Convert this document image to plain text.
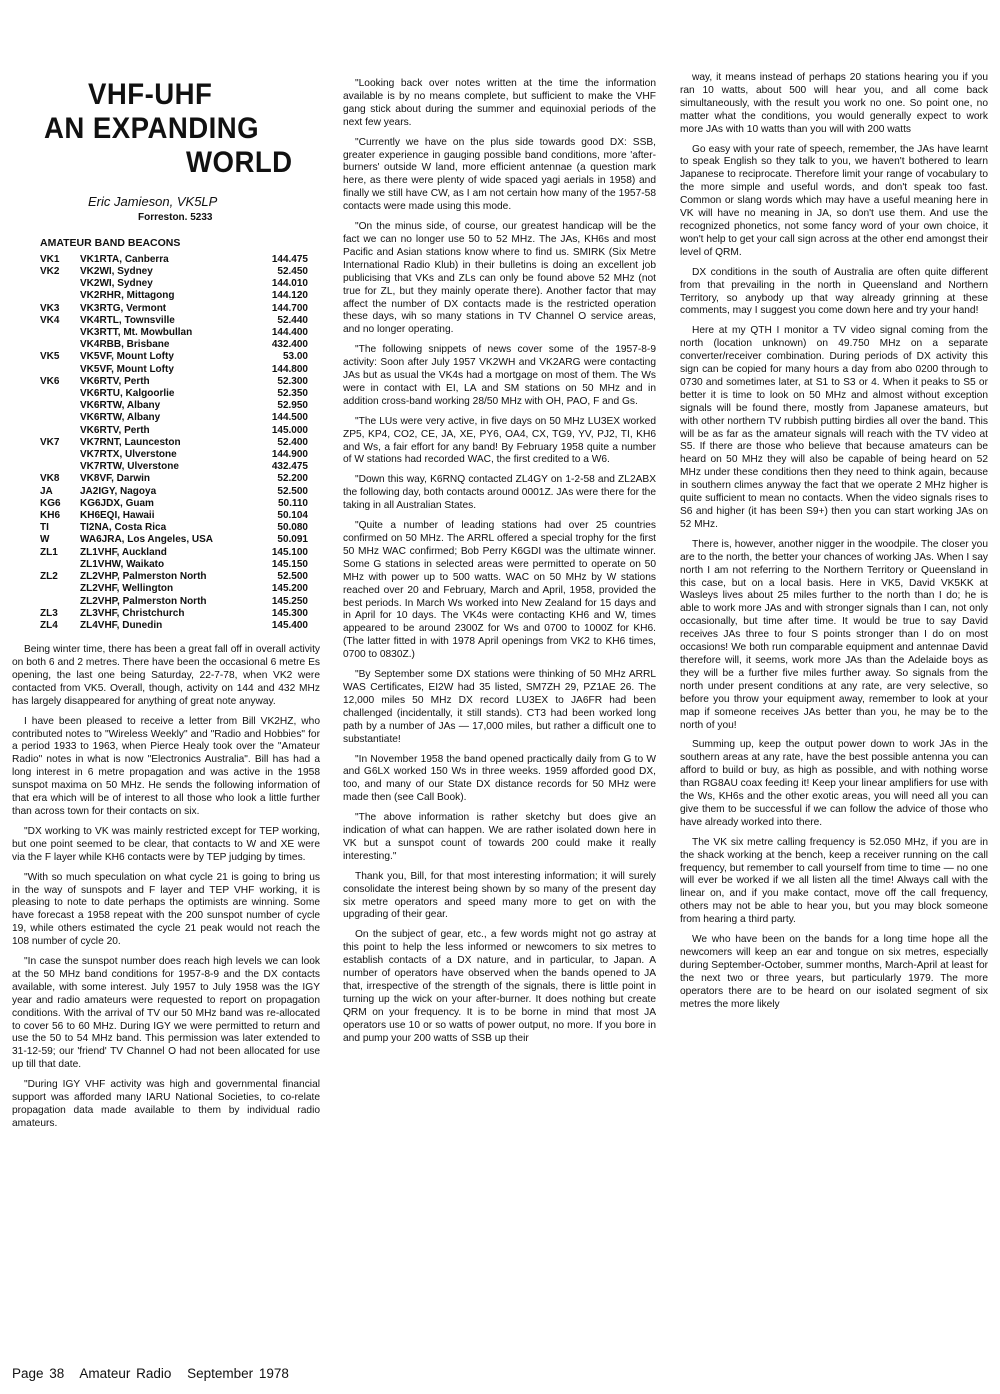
VHF-UHF
AN EXPANDING
WORLD
Eric Jamieson, VK5LP
Forreston. 5233
AMATEUR BAND BEACONS
VK1	VK1RTA, Canberra	144.475
VK2	VK2WI, Sydney	52.450
VK2WI, Sydney	144.010
VK2RHR, Mittagong	144.120
VK3	VK3RTG, Vermont	144.700
VK4	VK4RTL, Townsville	52.440
VK3RTT, Mt. Mowbullan	144.400
VK4RBB, Brisbane	432.400
VK5	VK5VF, Mount Lofty	53.00
VK5VF, Mount Lofty	144.800
VK6	VK6RTV, Perth	52.300
VK6RTU, Kalgoorlie	52.350
VK6RTW, Albany	52.950
VK6RTW, Albany	144.500
VK6RTV, Perth	145.000
VK7	VK7RNT, Launceston	52.400
VK7RTX, Ulverstone	144.900
VK7RTW, Ulverstone	432.475
VK8	VK8VF, Darwin	52.200
JA	JA2IGY, Nagoya	52.500
KG6	KG6JDX, Guam	50.110
KH6	KH6EQI, Hawaii	50.104
TI	TI2NA, Costa Rica	50.080
W	WA6JRA, Los Angeles, USA	50.091
ZL1	ZL1VHF, Auckland	145.100
ZL1VHW, Waikato	145.150
ZL2	ZL2VHP, Palmerston North	52.500
ZL2VHF, Wellington	145.200
ZL2VHP, Palmerston North	145.250
ZL3	ZL3VHF, Christchurch	145.300
ZL4	ZL4VHF, Dunedin	145.400

Being winter time, there has been a great fall off in overall activity on both 6 and 2 metres. There have been the occasional 6 metre Es opening, the last one being Saturday, 22-7-78, when VK2 were contacted from VK5. Overall, though, activity on 144 and 432 MHz has largely disappeared for anything of great note anyway.

I have been pleased to receive a letter from Bill VK2HZ, who contributed notes to "Wireless Weekly" and "Radio and Hobbies" for a period 1933 to 1963, when Pierce Healy took over the "Amateur Radio" notes in what is now "Electronics Australia". Bill has had a long interest in 6 metre propagation and was active in the 1958 sunspot maxima on 50 MHz. He sends the following information of that era which will be of interest to all those who look a little further than across town for their contacts on six.

"DX working to VK was mainly restricted except for TEP working, but one point seemed to be clear, that contacts to W and XE were via the F layer while KH6 contacts were by TEP judging by times.

"With so much speculation on what cycle 21 is going to bring us in the way of sunspots and F layer and TEP VHF working, it is pleasing to note to date perhaps the optimists are winning. Some have forecast a 1958 repeat with the 200 sunspot number of cycle 19, while others estimated the cycle 21 peak would not reach the 108 number of cycle 20.

"In case the sunspot number does reach high levels we can look at the 50 MHz band conditions for 1957-8-9 and the DX contacts available, with some interest. July 1957 to July 1958 was the IGY year and radio amateurs were requested to report on propagation conditions. With the arrival of TV our 50 MHz band was re-allocated to cover 56 to 60 MHz. During IGY we were permitted to return and use the 50 to 54 MHz band. This permission was later extended to 31-12-59; our 'friend' TV Channel O had not been allocated for use up till that date.

"During IGY VHF activity was high and governmental financial support was afforded many IARU National Societies, to co-relate propagation data made available to them by individual radio amateurs.

"Looking back over notes written at the time the information available is by no means complete, but sufficient to make the VHF gang stick about during the summer and equinoxial periods of the next few years.

"Currently we have on the plus side towards good DX: SSB, greater experience in gauging possible band conditions, more 'after-burners' outside W land, more efficient antennae (a question mark here, as there were plenty of wide spaced yagi aerials in 1958) and finally we still have CW, as I am not certain how many of the 1957-58 contacts were made using this mode.

"On the minus side, of course, our greatest handicap will be the fact we can no longer use 50 to 52 MHz. The JAs, KH6s and most Pacific and Asian stations know where to find us. SMIRK (Six Metre International Radio Klub) in their bulletins is doing an excellent job publicising that VKs and ZLs can only be found above 52 MHz (not true for ZL, but they mainly operate there). Another factor that may affect the number of DX contacts made is the restricted operation these days, wih so many stations in TV Channel O service areas, and no longer operating.

"The following snippets of news cover some of the 1957-8-9 activity: Soon after July 1957 VK2WH and VK2ARG were contacting JAs but as usual the VK4s had a mortgage on most of them. The Ws were in contact with EI, LA and SM stations on 50 MHz and in addition cross-band working 28/50 MHz with OH, PAO, F and Gs.

"The LUs were very active, in five days on 50 MHz LU3EX worked ZP5, KP4, CO2, CE, JA, XE, PY6, OA4, CX, TG9, YV, PJ2, TI, KH6 and Ws, a fair effort for any band! By February 1958 quite a number of W stations had recorded WAC, the first credited to a W6.

"Down this way, K6RNQ contacted ZL4GY on 1-2-58 and ZL2ABX the following day, both contacts around 0001Z. JAs were there for the taking in all Australian States.

"Quite a number of leading stations had over 25 countries confirmed on 50 MHz. The ARRL offered a special trophy for the first 50 MHz WAC confirmed; Bob Perry K6GDI was the ultimate winner. Some G stations in selected areas were permitted to operate on 50 MHz with power up to 500 watts. WAC on 50 MHz by W stations reached over 20 and February, March and April, 1958, provided the best periods. In March Ws worked into New Zealand for 15 days and in April for 10 days. The VK4s were contacting KH6 and W, times appeared to be around 2300Z for Ws and 0700 to 1000Z for KH6. (The latter fitted in with 1978 April openings from VK2 to KH6 times, 0700 to 0830Z.)

"By September some DX stations were thinking of 50 MHz ARRL WAS Certificates, EI2W had 35 listed, SM7ZH 29, PZ1AE 26. The 12,000 miles 50 MHz DX record LU3EX to JA6FR had been challenged (incidentally, it still stands). CT3 had been worked long path by a number of JAs — 17,000 miles, but rather a difficult one to substantiate!

"In November 1958 the band opened practically daily from G to W and G6LX worked 150 Ws in three weeks. 1959 afforded good DX, too, and many of our State DX distance records for 50 MHz were made then (see Call Book).

"The above information is rather sketchy but does give an indication of what can happen. We are rather isolated down here in VK but a sunspot count of towards 200 could make it really interesting."

Thank you, Bill, for that most interesting information; it will surely consolidate the interest being shown by so many of the present day six metre operators and speed many more to get on with the upgrading of their gear.

On the subject of gear, etc., a few words might not go astray at this point to help the less informed or newcomers to six metres to establish contacts of a DX nature, and in particular, to Japan. A number of operators have observed when the bands opened to JA that, irrespective of the strength of the signals, there is little point in turning up the wick on your after-burner. It does nothing but create QRM on your frequency. It is to be borne in mind that most JA operators use 10 or so watts of power output, no more. If you bore in and pump your 200 watts of SSB up their

way, it means instead of perhaps 20 stations hearing you if you ran 10 watts, about 500 will hear you, and all come back simultaneously, with the result you work no one. So point one, no matter what the conditions, you would generally expect to work more JAs with 10 watts than you will with 200 watts

Go easy with your rate of speech, remember, the JAs have learnt to speak English so they talk to you, we haven't bothered to learn Japanese to reciprocate. Therefore limit your range of vocabulary to the more simple and useful words, and don't speak too fast. Common or slang words which may have a useful meaning here in VK will have no meaning in JA, so don't use them. And use the recognized phonetics, not some fancy word of your own choice, it won't help to get your call sign across at the other end amongst their level of QRM.

DX conditions in the south of Australia are often quite different from that prevailing in the north in Queensland and Northern Territory, so anybody up that way already grinning at these comments, may I suggest you come down here and try your hand!

Here at my QTH I monitor a TV video signal coming from the north (location unknown) on 49.750 MHz on a separate converter/receiver combination. During periods of DX activity this sign can be copied for many hours a day from abo 0200 through to 0730 and sometimes later, at S1 to S3 or 4. When it peaks to S5 or better it is time to look on 50 MHz and almost without exception signals will be found there, mostly from Japanese amateurs, but with other northern TV rubbish putting birdies all over the band. This will be as far as the amateur signals will reach with the TV video at S5. If there are those who believe that because amateurs can be heard on 50 MHz they will also be capable of being heard on 52 MHz under these conditions then they need to think again, because in southern climes anyway the fact that we operate 2 MHz higher is quite sufficient to mean no contacts. When the video signals rises to S6 and higher (it has been S9+) then you can start working JAs on 52 MHz.

There is, however, another nigger in the woodpile. The closer you are to the north, the better your chances of working JAs. When I say north I am not referring to the Northern Territory or Queensland in this case, but on a local basis. Here in VK5, David VK5KK at Wasleys lives about 25 miles further to the north than I do; he is able to work more JAs and with stronger signals than I can, not only occasionally, but time after time. It would be true to say David receives JAs three to four S points stronger than I do on most occasions! We both run comparable equipment and antennae David therefore will, it seems, work more JAs than the Adelaide boys as they will be a further five miles further away. So signals from the north under present conditions at any rate, are very selective, so before you throw your equipment away, remember to look at your map if someone receives JAs better than you, he may be to the north of you!

Summing up, keep the output power down to work JAs in the southern areas at any rate, have the best possible antenna you can afford to build or buy, as high as possible, and with nothing worse than RG8AU coax feeding it! Keep your linear amplifiers for use with the Ws, KH6s and the other exotic areas, you will need all you can give them to be successful if we can follow the advice of those who have already worked into there.

The VK six metre calling frequency is 52.050 MHz, if you are in the shack working at the bench, keep a receiver running on the call frequency, but remember to call yourself from time to time — no one will ever be worked if we all listen all the time! Always call with the linear on, and if you make contact, move off the call frequency, others may not be able to hear you, but you may block someone from hearing a third party.

We who have been on the bands for a long time hope all the newcomers will keep an ear and tongue on six metres, especially during September-October, summer months, March-April at least for the next two or three years, but particularly 1979. The more operators there are to be heard on our isolated segment of six metres the more likely

Page 38 Amateur Radio September 1978
